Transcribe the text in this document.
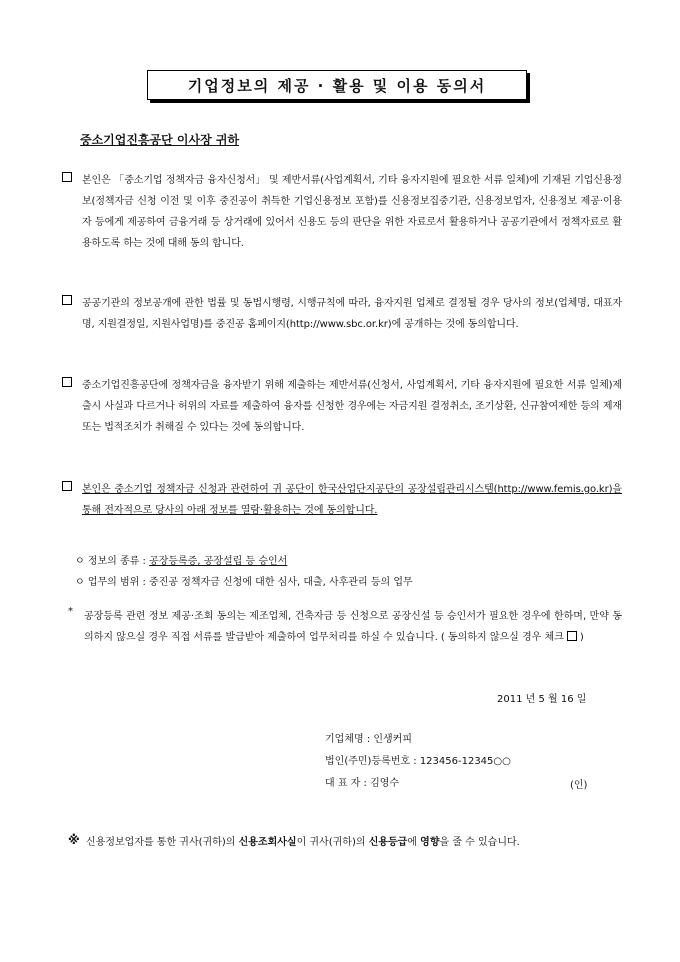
기업정보의 제공 · 활용 및 이용 동의서
중소기업진흥공단 이사장 귀하
본인은 「중소기업 정책자금 융자신청서」 및 제반서류(사업계획서, 기타 융자지원에 필요한 서류 일체)에 기재된 기업신용정보(정책자금 신청 이전 및 이후 중진공이 취득한 기업신용정보 포함)를 신용정보집중기관, 신용정보업자, 신용정보 제공·이용자 등에게 제공하여 금융거래 등 상거래에 있어서 신용도 등의 판단을 위한 자료로서 활용하거나 공공기관에서 정책자료로 활용하도록 하는 것에 대해 동의 합니다.
공공기관의 정보공개에 관한 법률 및 동법시행령, 시행규칙에 따라, 융자지원 업체로 결정될 경우 당사의 정보(업체명, 대표자명, 지원결정일, 지원사업명)를 중진공 홈페이지(http://www.sbc.or.kr)에 공개하는 것에 동의합니다.
중소기업진흥공단에 정책자금을 융자받기 위해 제출하는 제반서류(신청서, 사업계획서, 기타 융자지원에 필요한 서류 일체)제출시 사실과 다르거나 허위의 자료를 제출하여 융자를 신청한 경우에는 자금지원 결정취소, 조기상환, 신규참여제한 등의 제재 또는 법적조치가 취해질 수 있다는 것에 동의합니다.
본인은 중소기업 정책자금 신청과 관련하여 귀 공단이 한국산업단지공단의 공장설립관리시스템(http://www.femis.go.kr)을 통해 전자적으로 당사의 아래 정보를 열람·활용하는 것에 동의합니다.
ㅇ 정보의 종류 : 공장등록증, 공장설립 등 승인서
ㅇ 업무의 범위 : 중진공 정책자금 신청에 대한 심사, 대출, 사후관리 등의 업무
* 공장등록 관련 정보 제공·조회 동의는 제조업체, 건축자금 등 신청으로 공장신설 등 승인서가 필요한 경우에 한하며, 만약 동의하지 않으실 경우 직접 서류를 발급받아 제출하여 업무처리를 하실 수 있습니다. ( 동의하지 않으실 경우 체크 )
2011 년 5 월 16 일
기업체명 : 인생커피
법인(주민)등록번호 : 123456-12345○○
대 표 자 : 김영수	(인)
※ 신용정보업자를 통한 귀사(귀하)의 신용조회사실이 귀사(귀하)의 신용등급에 영향을 줄 수 있습니다.
